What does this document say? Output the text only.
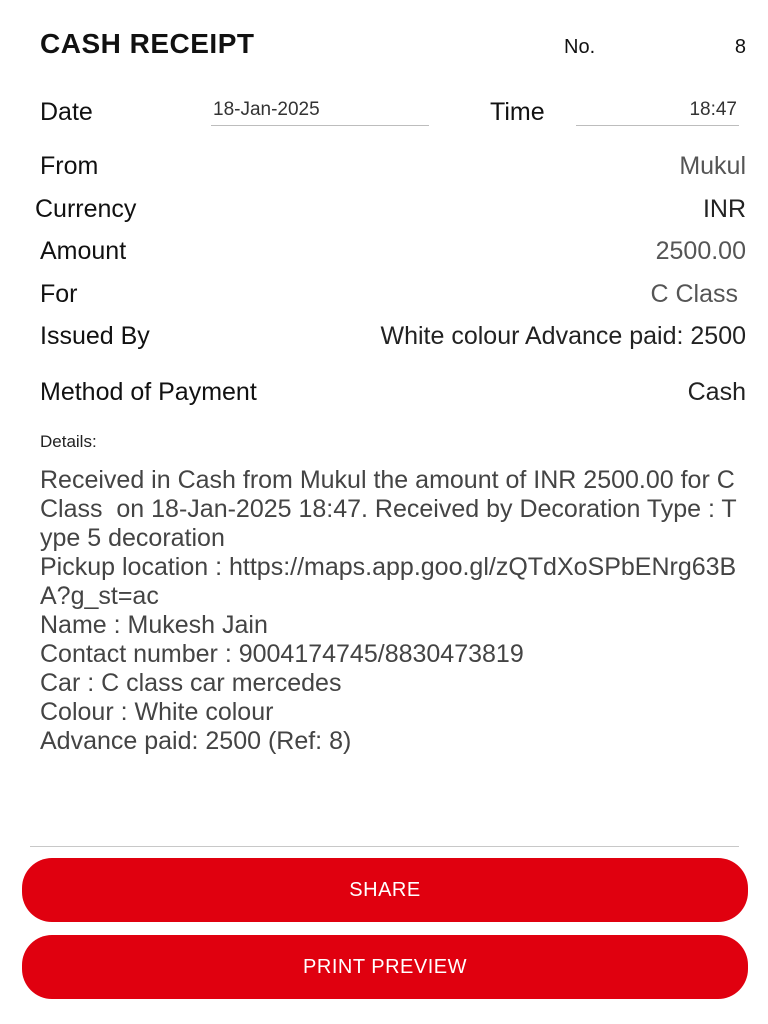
CASH RECEIPT	No.	8
Date	18-Jan-2025	Time	18:47
From	Mukul
Currency	INR
Amount	2500.00
For	C Class
Issued By	White colour Advance paid: 2500
Method of Payment	Cash
Details:
Received in Cash from Mukul the amount of INR 2500.00 for C Class  on 18-Jan-2025 18:47. Received by Decoration Type : Type 5 decoration
Pickup location : https://maps.app.goo.gl/zQTdXoSPbENrg63BA?g_st=ac
Name : Mukesh Jain
Contact number : 9004174745/8830473819
Car : C class car mercedes
Colour : White colour
Advance paid: 2500 (Ref: 8)
SHARE
PRINT PREVIEW
